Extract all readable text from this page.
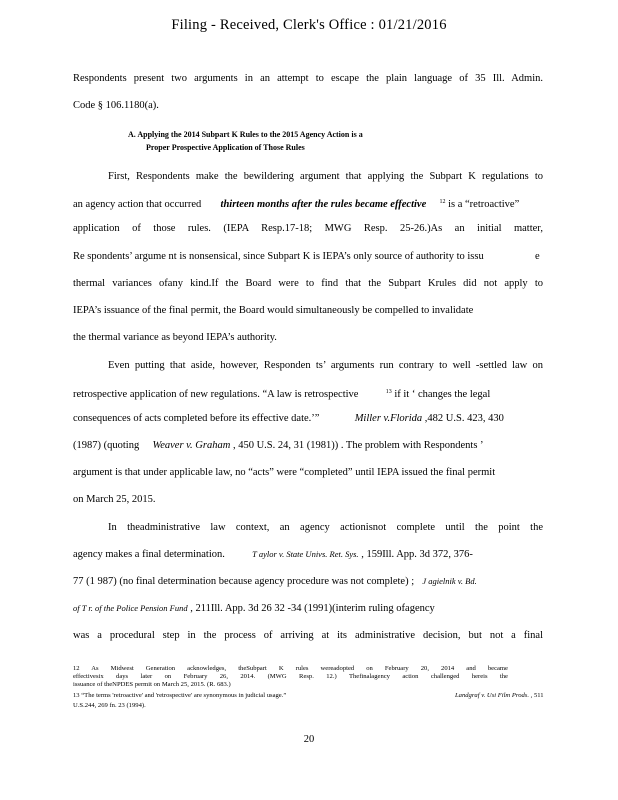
Filing - Received, Clerk's Office : 01/21/2016
Respondents present two arguments in an attempt to escape the plain language of 35 Ill. Admin.
Code § 106.1180(a).
A. Applying the 2014 Subpart K Rules to the 2015 Agency Action is a
Proper Prospective Application of Those Rules
First, Respondents make the bewildering argument that applying the Subpart K regulations to
an agency action that occurred thirteen months after the rules became effective $^{12}$ is a “retroactive”
application of those rules. (IEPA Resp.17-18; MWG Resp. 25-26.)As an initial matter,
Re spondents’ argume nt is nonsensical, since Subpart K is IEPA’s only source of authority to issu	e
thermal variances ofany kind.If the Board were to find that the Subpart Krules did not apply to
IEPA’s issuance of the final permit, the Board would simultaneously be compelled to invalidate
the thermal variance as beyond IEPA’s authority.
Even putting that aside, however, Responden ts’ arguments run contrary to well -settled law on
retrospective application of new regulations. “A law is retrospective	$^{13}$ if it ‘ changes the legal
consequences of acts completed before its effective date.’”	Miller v.Florida ,482 U.S. 423, 430
(1987) (quoting Weaver v. Graham , 450 U.S. 24, 31 (1981)) . The problem with Respondents ’
argument is that under applicable law, no “acts” were “completed” until IEPA issued the final permit
on March 25, 2015.
In theadministrative law context, an agency actionisnot complete until the point the
agency makes a final determination.	T aylor v. State Univs. Ret. Sys. , 159Ill. App. 3d 372, 376-
77 (1 987) (no final determination because agency procedure was not complete) ; J agielnik v. Bd.
of T r. of the Police Pension Fund , 211Ill. App. 3d 26 32 -34 (1991)(interim ruling ofagency
was a procedural step in the process of arriving at its administrative decision, but not a final
12 As Midwest Generation acknowledges, theSubpart K rules wereadopted on February 20, 2014 and became
effectivesix days later on February 26, 2014. (MWG Resp. 12.) Thefinalagency action challenged hereis the
issuance of theNPDES permit on March 25, 2015. (R. 683.)
13 “The terms 'retroactive' and 'retrospective' are synonymous in judicial usage.”	Landgraf v. Usi Film Prods. , 511
U.S.244, 269 fn. 23 (1994).
20
